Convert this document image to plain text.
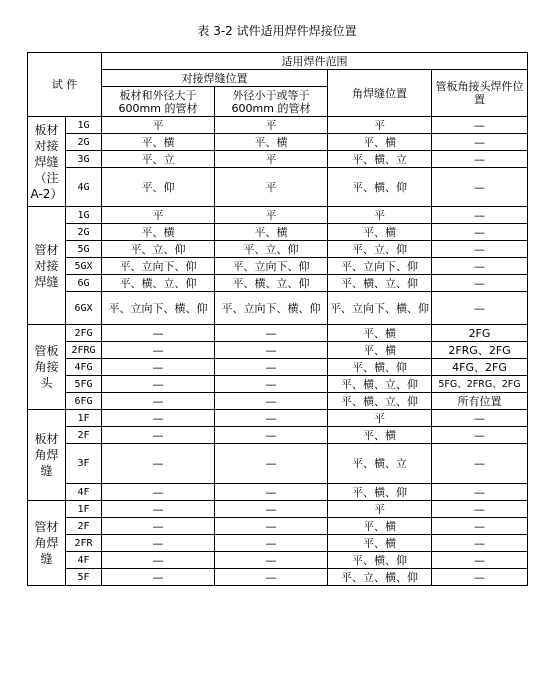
表 3-2 试件适用焊件焊接位置
试 件		适用焊件范围			
		对接焊缝位置		角焊缝位置	管板角接头焊件位置
		板材和外径大于600mm 的管材	外径小于或等于600mm 的管材		
板材对接焊缝（注A-2）	1G	平	平	平	—
	2G	平、横	平、横	平、横	—
	3G	平、立	平	平、横、立	—
	4G	平、仰	平	平、横、仰	—
管材对接焊缝	1G	平	平	平	—
	2G	平、横	平、横	平、横	—
	5G	平、立、仰	平、立、仰	平、立、仰	—
	5GX	平、立向下、仰	平、立向下、仰	平、立向下、仰	—
	6G	平、横、立、仰	平、横、立、仰	平、横、立、仰	—
	6GX	平、立向下、横、仰	平、立向下、横、仰	平、立向下、横、仰	—
管板角接头	2FG	—	—	平、横	2FG
	2FRG	—	—	平、横	2FRG、2FG
	4FG	—	—	平、横、仰	4FG、2FG
	5FG	—	—	平、横、立、仰	5FG、2FRG、2FG
	6FG	—	—	平、横、立、仰	所有位置
板材角焊缝	1F	—	—	平	—
	2F	—	—	平、横	—
	3F	—	—	平、横、立	—
	4F	—	—	平、横、仰	—
管材角焊缝	1F	—	—	平	—
	2F	—	—	平、横	—
	2FR	—	—	平、横	—
	4F	—	—	平、横、仰	—
	5F	—	—	平、立、横、仰	—
